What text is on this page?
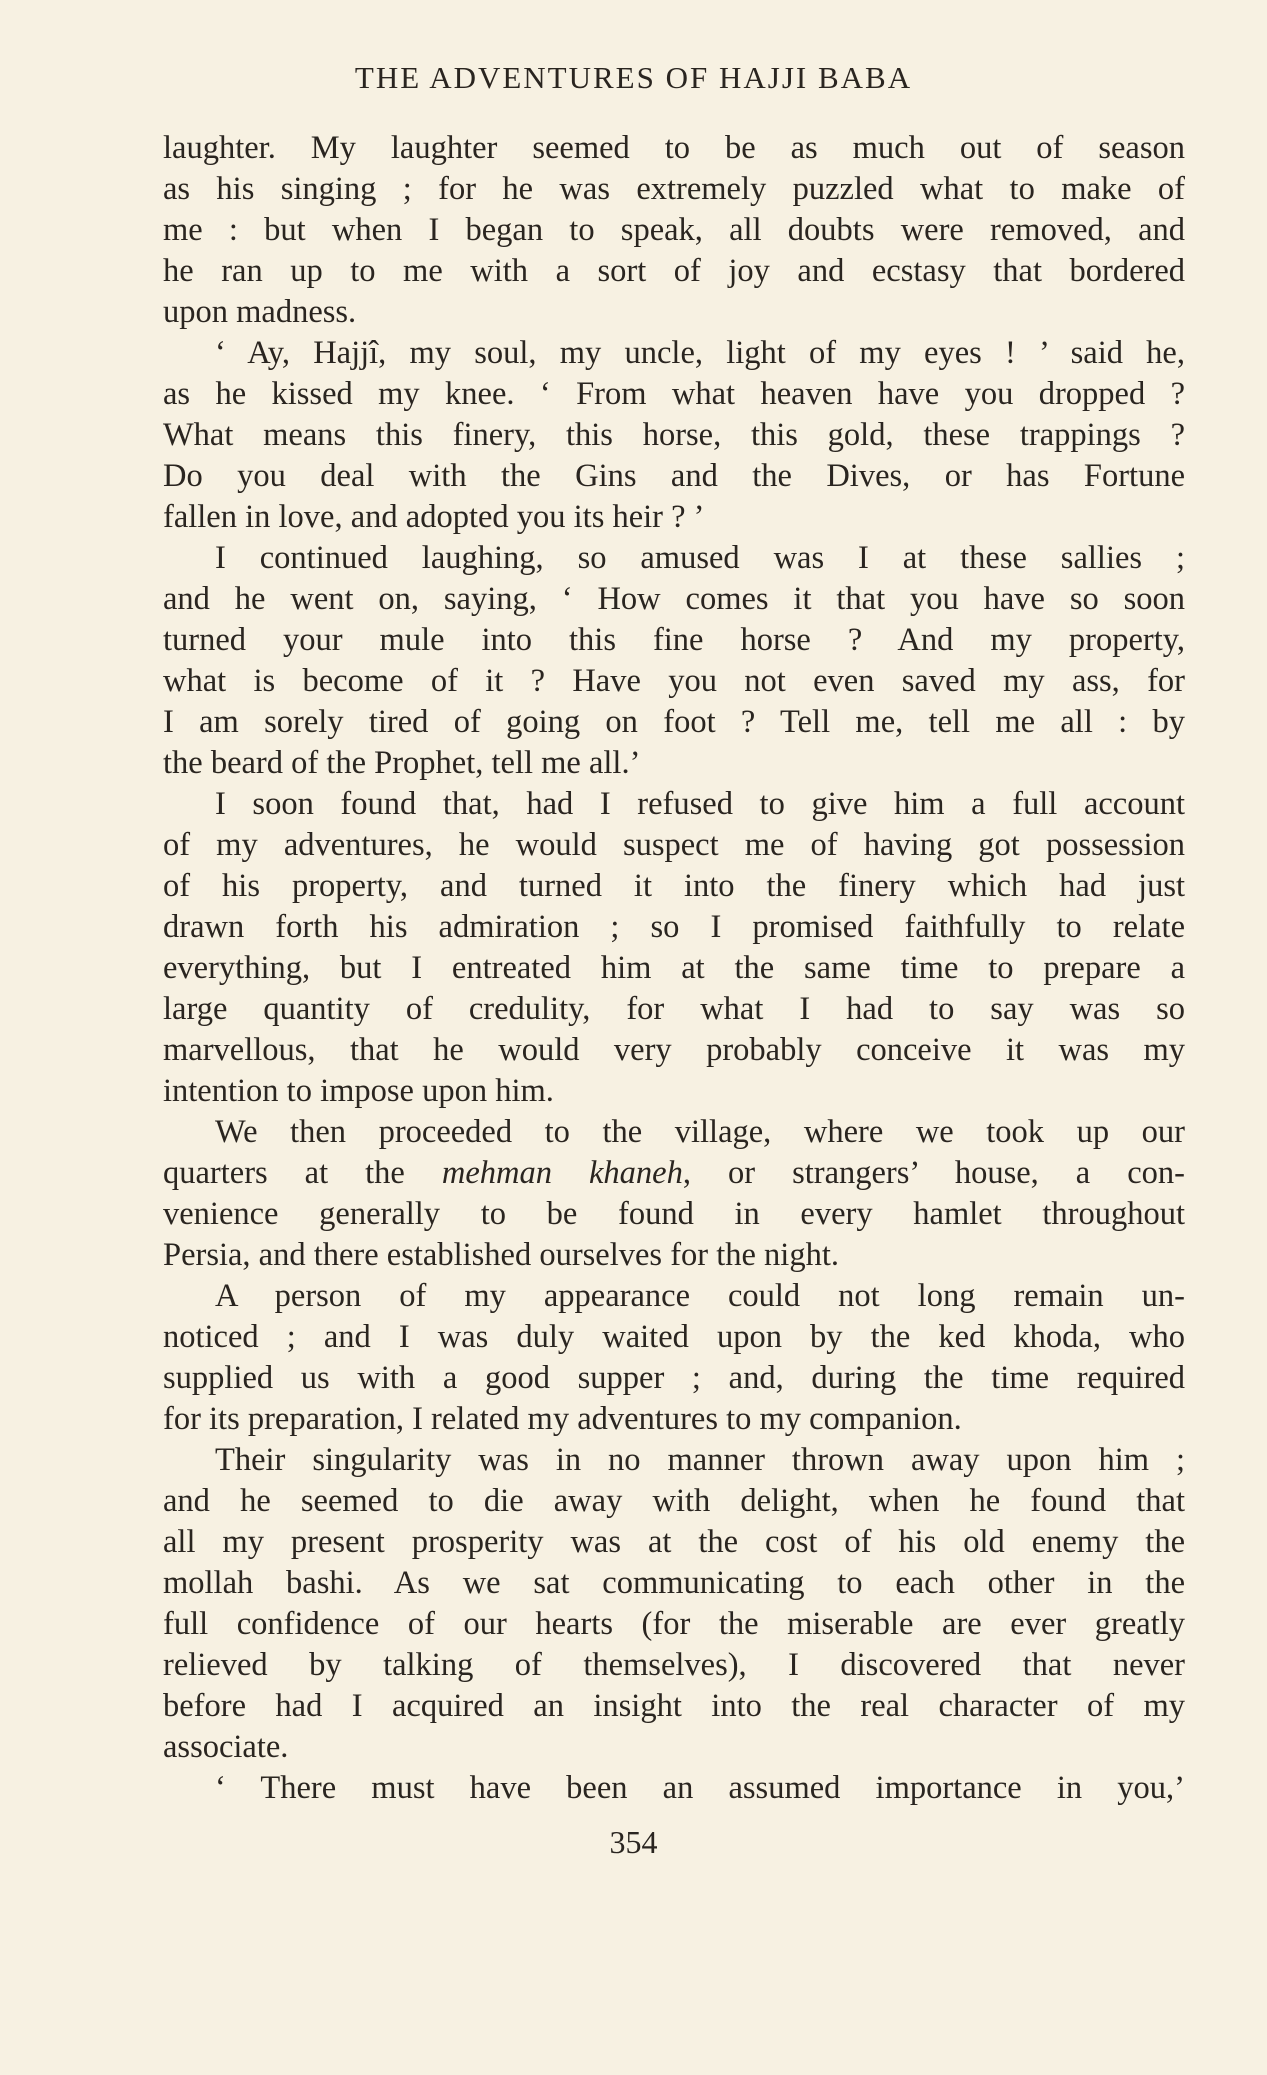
THE ADVENTURES OF HAJJI BABA
laughter. My laughter seemed to be as much out of season
as his singing ; for he was extremely puzzled what to make of
me : but when I began to speak, all doubts were removed, and
he ran up to me with a sort of joy and ecstasy that bordered
upon madness.
‘ Ay, Hajjî, my soul, my uncle, light of my eyes ! ’ said he,
as he kissed my knee. ‘ From what heaven have you dropped ?
What means this finery, this horse, this gold, these trappings ?
Do you deal with the Gins and the Dives, or has Fortune
fallen in love, and adopted you its heir ? ’
I continued laughing, so amused was I at these sallies ;
and he went on, saying, ‘ How comes it that you have so soon
turned your mule into this fine horse ? And my property,
what is become of it ? Have you not even saved my ass, for
I am sorely tired of going on foot ? Tell me, tell me all : by
the beard of the Prophet, tell me all.’
I soon found that, had I refused to give him a full account
of my adventures, he would suspect me of having got possession
of his property, and turned it into the finery which had just
drawn forth his admiration ; so I promised faithfully to relate
everything, but I entreated him at the same time to prepare a
large quantity of credulity, for what I had to say was so
marvellous, that he would very probably conceive it was my
intention to impose upon him.
We then proceeded to the village, where we took up our
quarters at the mehman khaneh, or strangers’ house, a con-
venience generally to be found in every hamlet throughout
Persia, and there established ourselves for the night.
A person of my appearance could not long remain un-
noticed ; and I was duly waited upon by the ked khoda, who
supplied us with a good supper ; and, during the time required
for its preparation, I related my adventures to my companion.
Their singularity was in no manner thrown away upon him ;
and he seemed to die away with delight, when he found that
all my present prosperity was at the cost of his old enemy the
mollah bashi. As we sat communicating to each other in the
full confidence of our hearts (for the miserable are ever greatly
relieved by talking of themselves), I discovered that never
before had I acquired an insight into the real character of my
associate.
‘ There must have been an assumed importance in you,’
354
